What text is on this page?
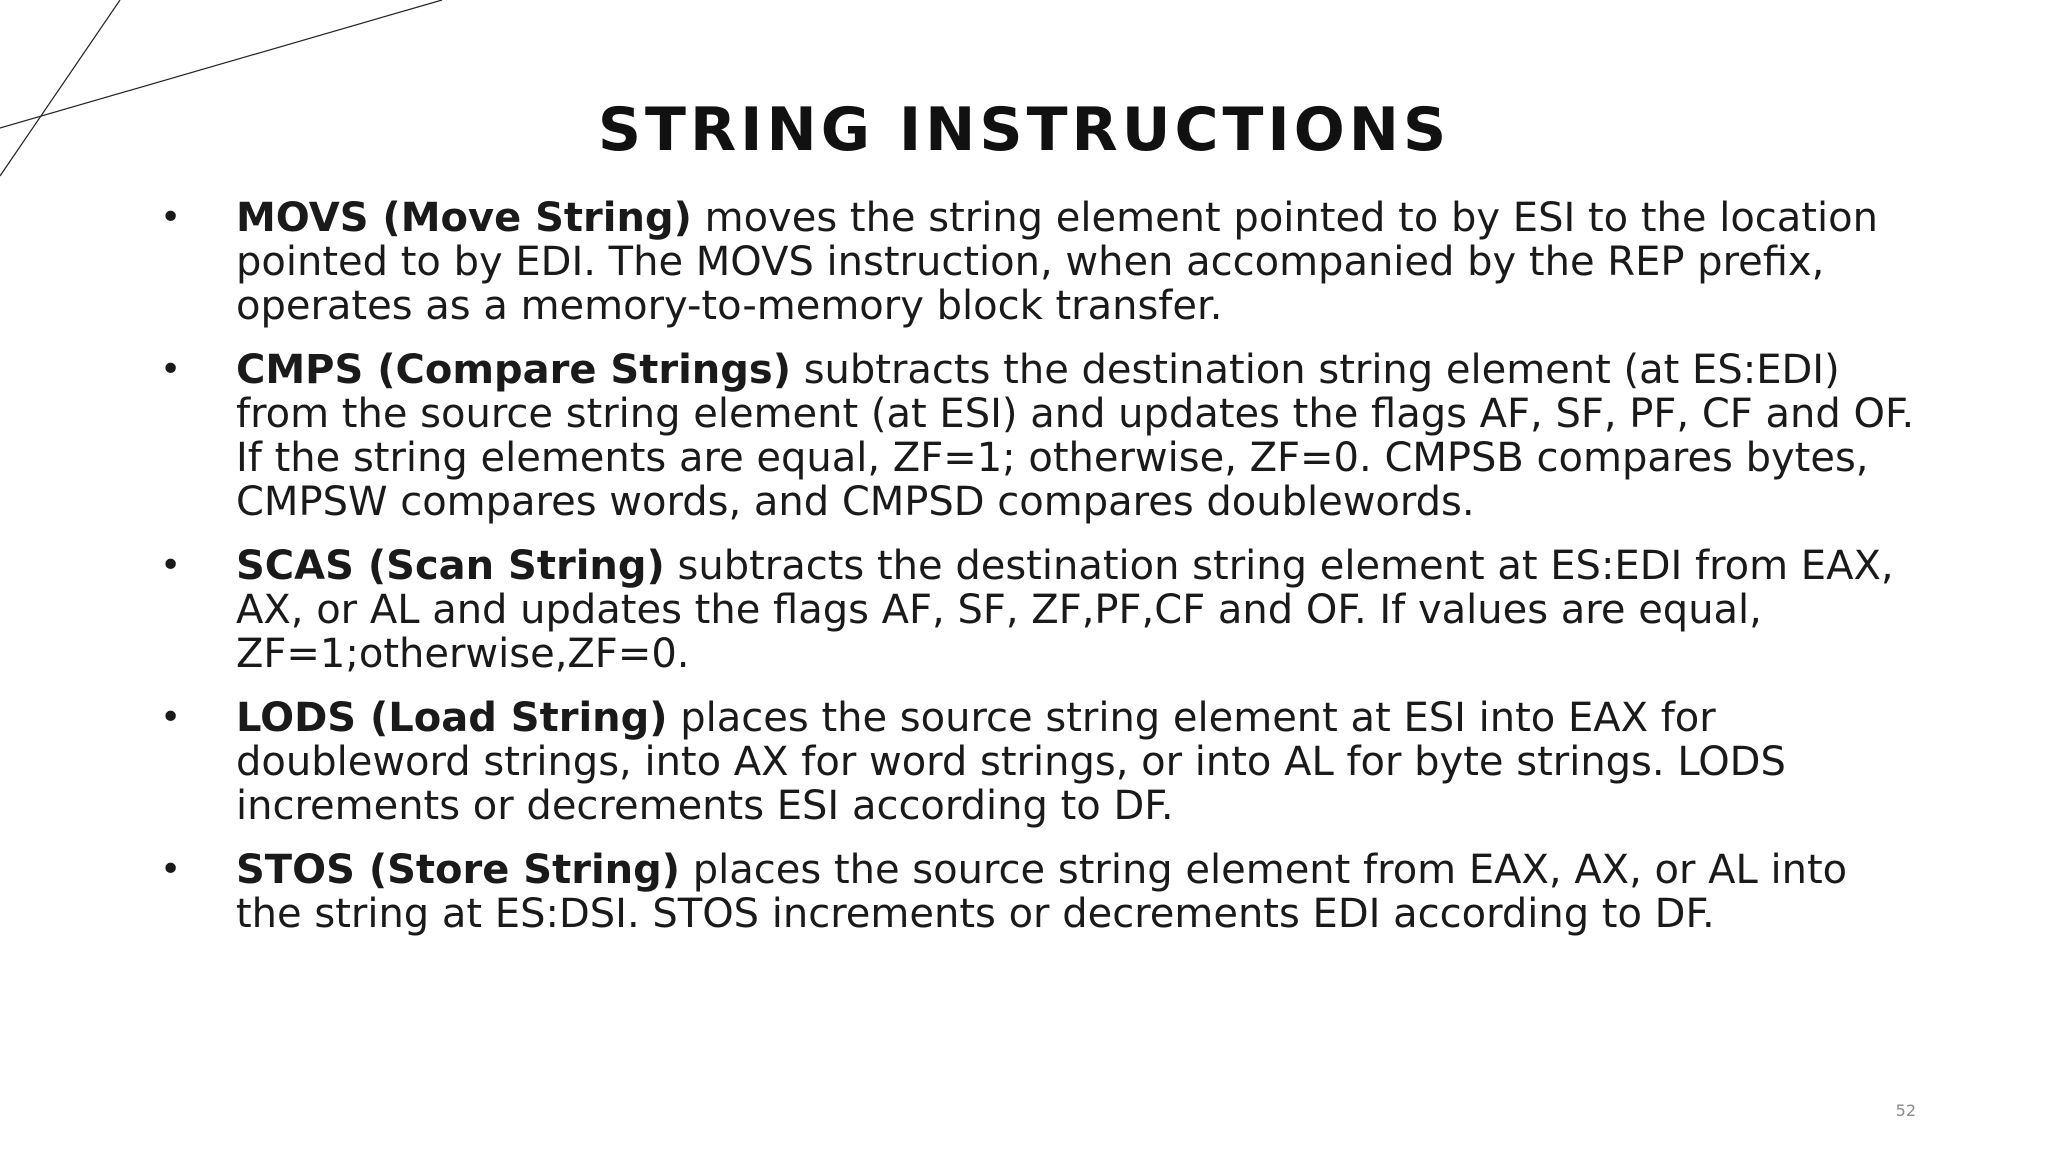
STRING INSTRUCTIONS
• MOVS (Move String) moves the string element pointed to by ESI to the location pointed to by EDI. The MOVS instruction, when accompanied by the REP prefix, operates as a memory-to-memory block transfer.
• CMPS (Compare Strings) subtracts the destination string element (at ES:EDI) from the source string element (at ESI) and updates the flags AF, SF, PF, CF and OF. If the string elements are equal, ZF=1; otherwise, ZF=0. CMPSB compares bytes, CMPSW compares words, and CMPSD compares doublewords.
• SCAS (Scan String) subtracts the destination string element at ES:EDI from EAX, AX, or AL and updates the flags AF, SF, ZF,PF,CF and OF. If values are equal, ZF=1;otherwise,ZF=0.
• LODS (Load String) places the source string element at ESI into EAX for doubleword strings, into AX for word strings, or into AL for byte strings. LODS increments or decrements ESI according to DF.
• STOS (Store String) places the source string element from EAX, AX, or AL into the string at ES:DSI. STOS increments or decrements EDI according to DF.
52
